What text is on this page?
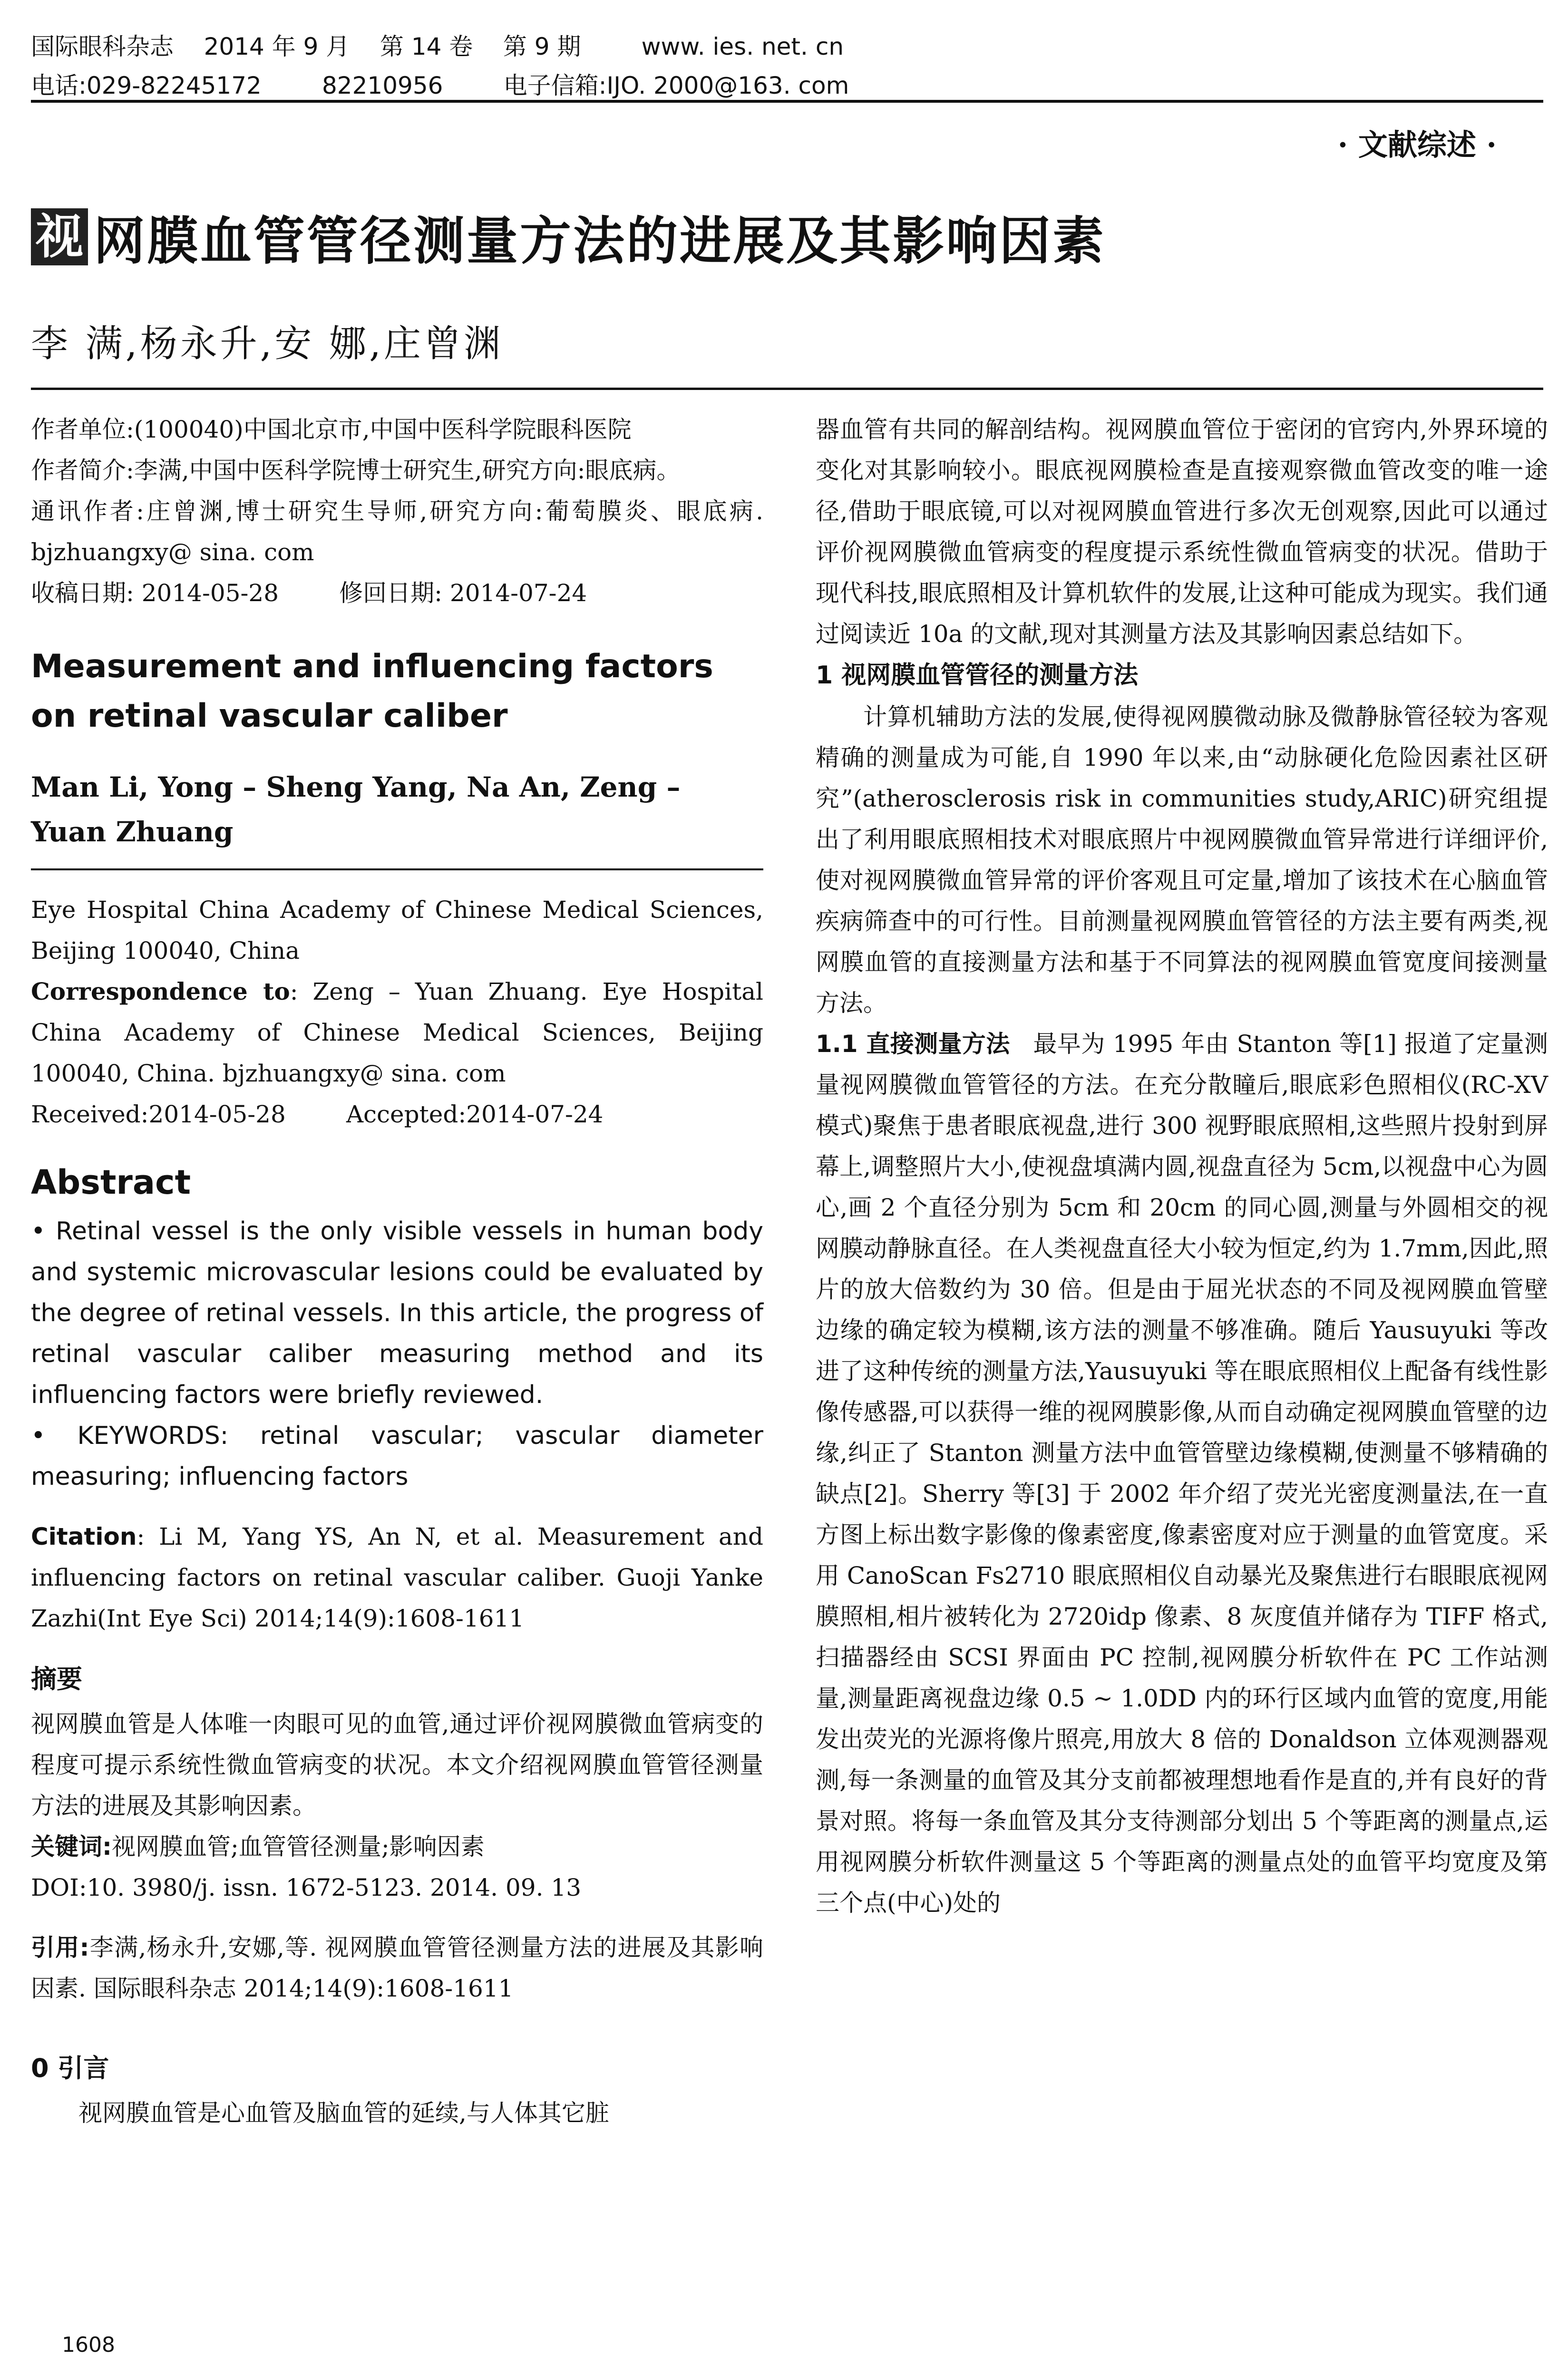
国际眼科杂志    2014 年 9 月    第 14 卷    第 9 期        www. ies. net. cn
电话:029-82245172        82210956        电子信箱:IJO. 2000@163. com
· 文献综述 ·
视 网膜血管管径测量方法的进展及其影响因素
李 满,杨永升,安 娜,庄曾渊

作者单位:(100040)中国北京市,中国中医科学院眼科医院

作者简介:李满,中国中医科学院博士研究生,研究方向:眼底病。

通讯作者:庄曾渊,博士研究生导师,研究方向:葡萄膜炎、眼底病. bjzhuangxy@ sina. com

收稿日期: 2014-05-28        修回日期: 2014-07-24

Measurement and influencing factors on retinal vascular caliber
Man Li, Yong – Sheng Yang, Na An, Zeng – Yuan Zhuang

Eye Hospital China Academy of Chinese Medical Sciences, Beijing 100040, China

Correspondence to: Zeng – Yuan Zhuang. Eye Hospital China Academy of Chinese Medical Sciences, Beijing 100040, China. bjzhuangxy@ sina. com

Received:2014-05-28        Accepted:2014-07-24

Abstract

• Retinal vessel is the only visible vessels in human body and systemic microvascular lesions could be evaluated by the degree of retinal vessels. In this article, the progress of retinal vascular caliber measuring method and its influencing factors were briefly reviewed.

• KEYWORDS: retinal vascular; vascular diameter measuring; influencing factors

Citation: Li M, Yang YS, An N, et al. Measurement and influencing factors on retinal vascular caliber. Guoji Yanke Zazhi(Int Eye Sci) 2014;14(9):1608-1611

摘要

视网膜血管是人体唯一肉眼可见的血管,通过评价视网膜微血管病变的程度可提示系统性微血管病变的状况。本文介绍视网膜血管管径测量方法的进展及其影响因素。

关键词:视网膜血管;血管管径测量;影响因素

DOI:10. 3980/j. issn. 1672-5123. 2014. 09. 13

引用:李满,杨永升,安娜,等. 视网膜血管管径测量方法的进展及其影响因素. 国际眼科杂志 2014;14(9):1608-1611

0 引言

视网膜血管是心血管及脑血管的延续,与人体其它脏

器血管有共同的解剖结构。视网膜血管位于密闭的官窍内,外界环境的变化对其影响较小。眼底视网膜检查是直接观察微血管改变的唯一途径,借助于眼底镜,可以对视网膜血管进行多次无创观察,因此可以通过评价视网膜微血管病变的程度提示系统性微血管病变的状况。借助于现代科技,眼底照相及计算机软件的发展,让这种可能成为现实。我们通过阅读近 10a 的文献,现对其测量方法及其影响因素总结如下。

1 视网膜血管管径的测量方法

计算机辅助方法的发展,使得视网膜微动脉及微静脉管径较为客观精确的测量成为可能,自 1990 年以来,由“动脉硬化危险因素社区研究”(atherosclerosis risk in communities study,ARIC)研究组提出了利用眼底照相技术对眼底照片中视网膜微血管异常进行详细评价,使对视网膜微血管异常的评价客观且可定量,增加了该技术在心脑血管疾病筛查中的可行性。目前测量视网膜血管管径的方法主要有两类,视网膜血管的直接测量方法和基于不同算法的视网膜血管宽度间接测量方法。

1.1 直接测量方法 最早为 1995 年由 Stanton 等[1] 报道了定量测量视网膜微血管管径的方法。在充分散瞳后,眼底彩色照相仪(RC-XV 模式)聚焦于患者眼底视盘,进行 300 视野眼底照相,这些照片投射到屏幕上,调整照片大小,使视盘填满内圆,视盘直径为 5cm,以视盘中心为圆心,画 2 个直径分别为 5cm 和 20cm 的同心圆,测量与外圆相交的视网膜动静脉直径。在人类视盘直径大小较为恒定,约为 1.7mm,因此,照片的放大倍数约为 30 倍。但是由于屈光状态的不同及视网膜血管壁边缘的确定较为模糊,该方法的测量不够准确。随后 Yausuyuki 等改进了这种传统的测量方法,Yausuyuki 等在眼底照相仪上配备有线性影像传感器,可以获得一维的视网膜影像,从而自动确定视网膜血管壁的边缘,纠正了 Stanton 测量方法中血管管壁边缘模糊,使测量不够精确的缺点[2]。Sherry 等[3] 于 2002 年介绍了荧光光密度测量法,在一直方图上标出数字影像的像素密度,像素密度对应于测量的血管宽度。采用 CanoScan Fs2710 眼底照相仪自动暴光及聚焦进行右眼眼底视网膜照相,相片被转化为 2720idp 像素、8 灰度值并储存为 TIFF 格式,扫描器经由 SCSI 界面由 PC 控制,视网膜分析软件在 PC 工作站测量,测量距离视盘边缘 0.5 ~ 1.0DD 内的环行区域内血管的宽度,用能发出荧光的光源将像片照亮,用放大 8 倍的 Donaldson 立体观测器观测,每一条测量的血管及其分支前都被理想地看作是直的,并有良好的背景对照。将每一条血管及其分支待测部分划出 5 个等距离的测量点,运用视网膜分析软件测量这 5 个等距离的测量点处的血管平均宽度及第三个点(中心)处的

1608
